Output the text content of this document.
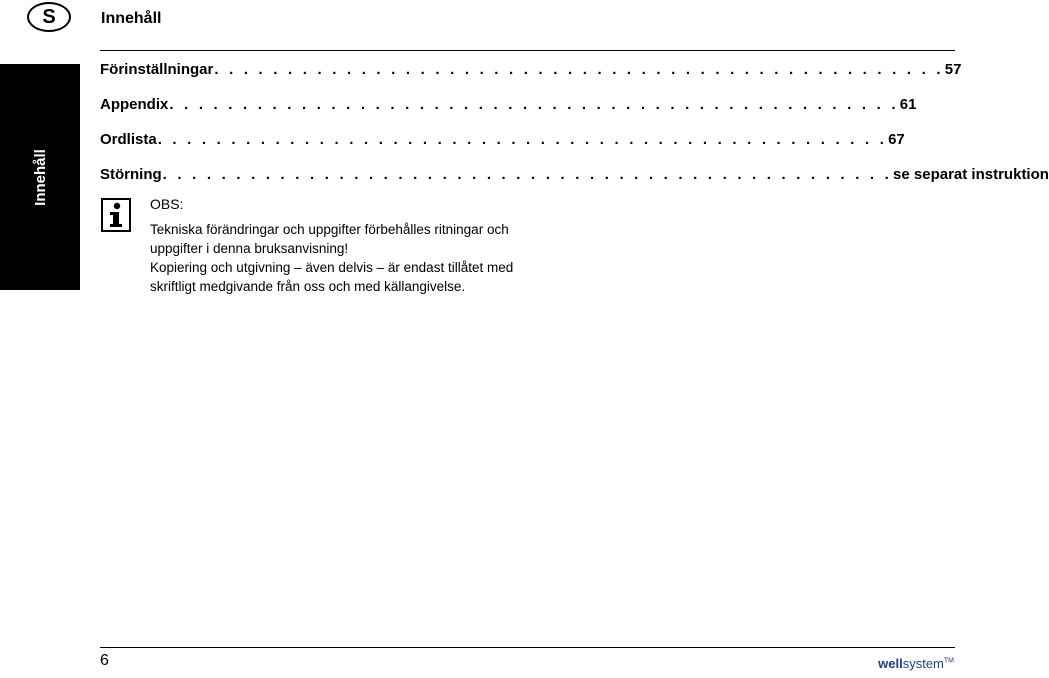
S	Innehåll
Innehåll
Förinställningar . . . . . . . . . . . . . . . . . . . . . . . . . . . . . . . . . . . . . . . . . . . . . . . . . . 57
Appendix . . . . . . . . . . . . . . . . . . . . . . . . . . . . . . . . . . . . . . . . . . . . . . . . . . 61
Ordlista . . . . . . . . . . . . . . . . . . . . . . . . . . . . . . . . . . . . . . . . . . . . . . . . . . 67
Störning . . . . . . . . . . . . . . . . . . . . . . . . . . . . . . . . . . . . . . . . . . . . . . . . . . se separat instruktion
OBS:

Tekniska förändringar och uppgifter förbehålles ritningar och uppgifter i denna bruksanvisning!

Kopiering och utgivning – även delvis – är endast tillåtet med skriftligt medgivande från oss och med källangivelse.

6	wellsystem™
